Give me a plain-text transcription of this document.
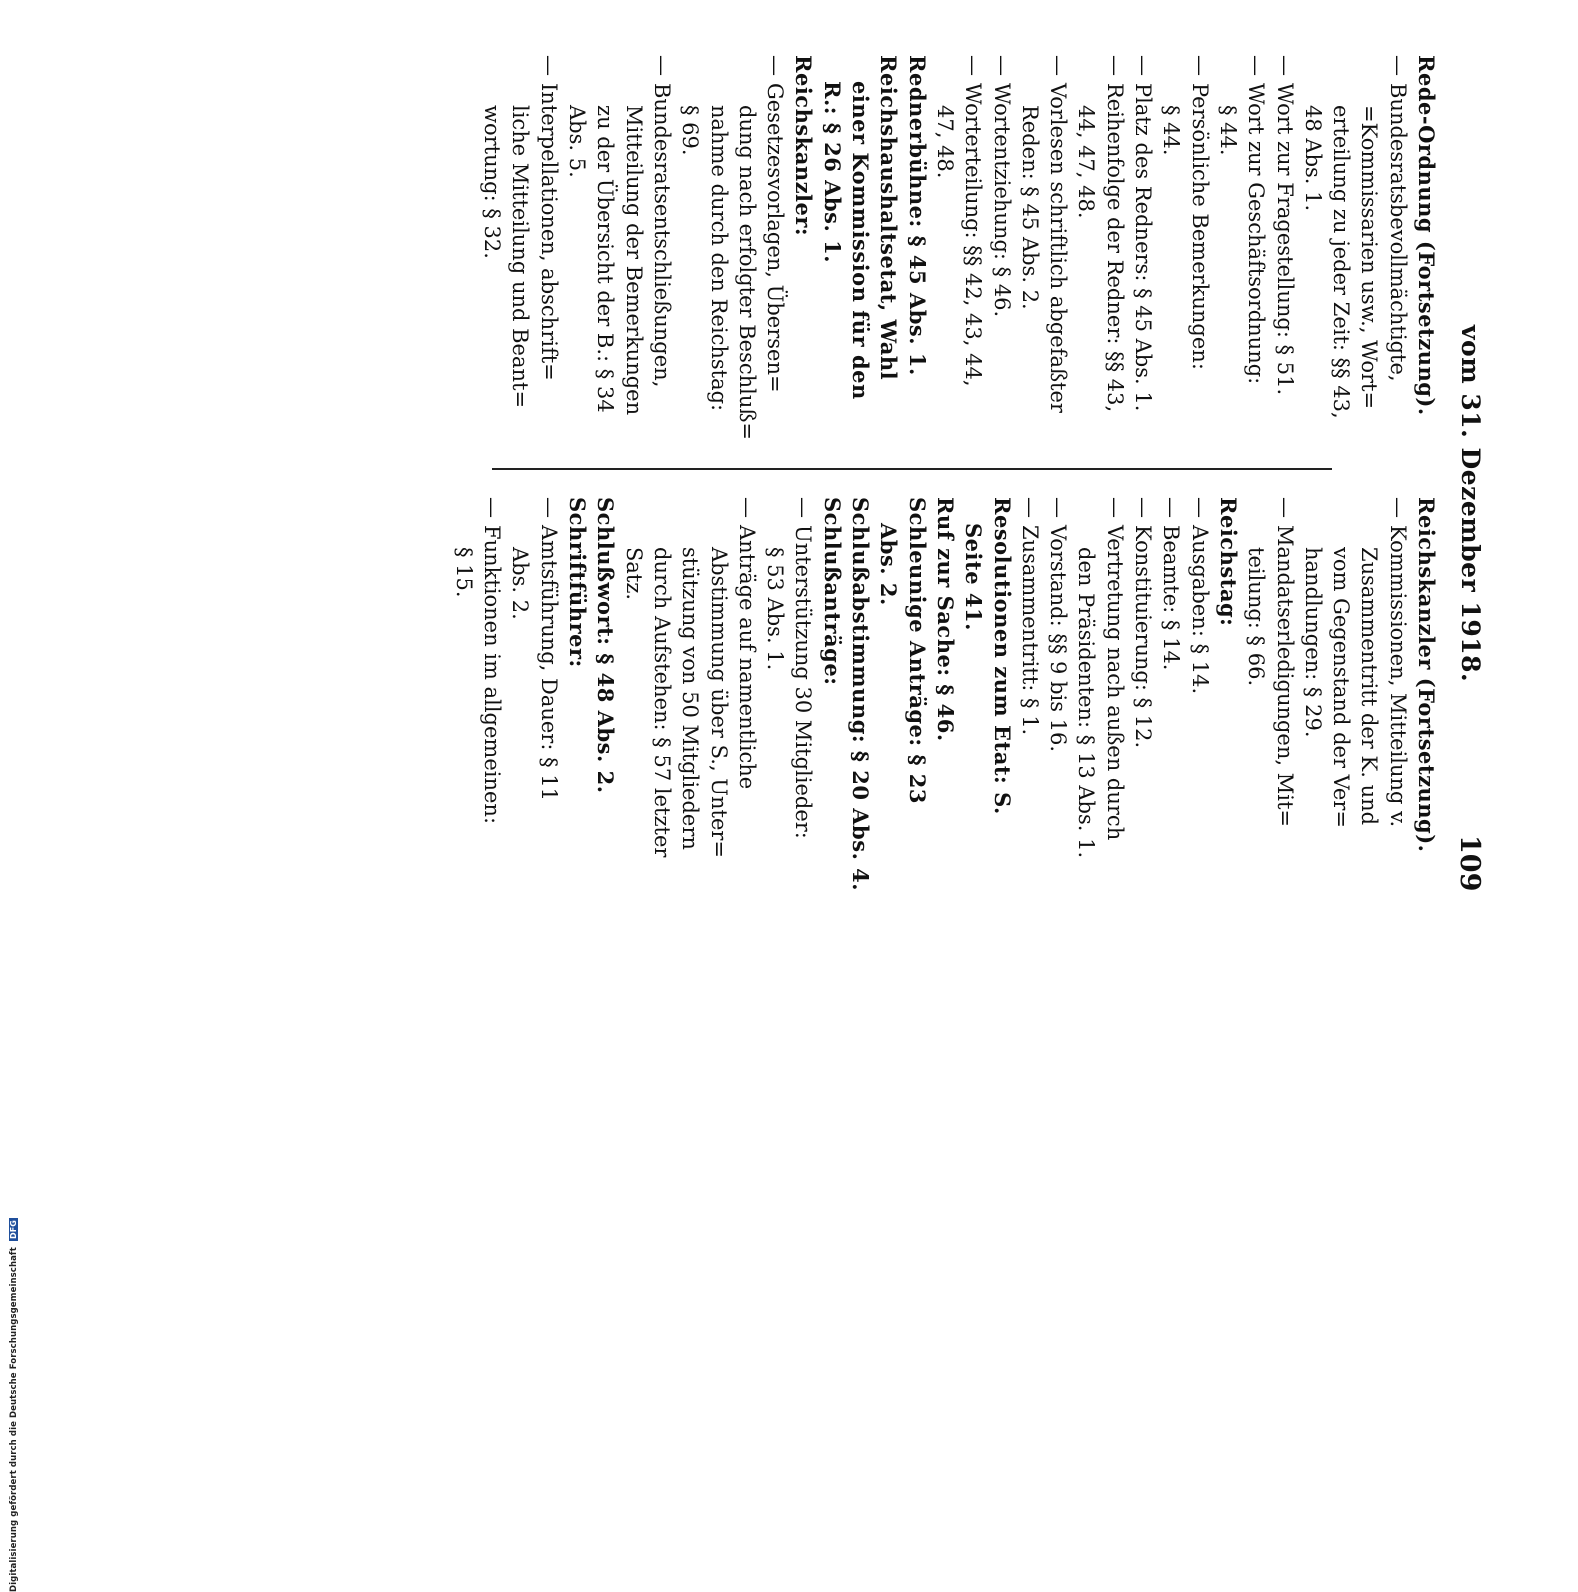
Digitalisierung gefördert durch die Deutsche Forschungsgemeinschaft DFG
vom 31. Dezember 1918.
109
Rede-Ordnung (Fortsetzung).
—
Bundesratsbevollmächtigte,
=Kommissarien usw., Wort=
erteilung zu jeder Zeit: §§ 43,
48 Abs. 1.
—
Wort zur Fragestellung: § 51.
—
Wort zur Geschäftsordnung:
§ 44.
—
Persönliche Bemerkungen:
§ 44.
—
Platz des Redners: § 45 Abs. 1.
—
Reihenfolge der Redner: §§ 43,
44, 47, 48.
—
Vorlesen schriftlich abgefaßter
Reden: § 45 Abs. 2.
—
Wortentziehung: § 46.
—
Worterteilung: §§ 42, 43, 44,
47, 48.
Rednerbühne: § 45 Abs. 1.
Reichshaushaltsetat, Wahl
einer Kommission für den
R.: § 26 Abs. 1.
Reichskanzler:
—
Gesetzesvorlagen, Übersen=
dung nach erfolgter Beschluß=
nahme durch den Reichstag:
§ 69.
—
Bundesratsentschließungen,
Mitteilung der Bemerkungen
zu der Übersicht der B.: § 34
Abs. 5.
—
Interpellationen, abschrift=
liche Mitteilung und Beant=
wortung: § 32.
Reichskanzler (Fortsetzung).
—
Kommissionen, Mitteilung v.
Zusammentritt der K. und
vom Gegenstand der Ver=
handlungen: § 29.
—
Mandatserledigungen, Mit=
teilung: § 66.
Reichstag:
—
Ausgaben: § 14.
—
Beamte: § 14.
—
Konstituierung: § 12.
—
Vertretung nach außen durch
den Präsidenten: § 13 Abs. 1.
—
Vorstand: §§ 9 bis 16.
—
Zusammentritt: § 1.
Resolutionen zum Etat: S.
Seite 41.
Ruf zur Sache: § 46.
Schleunige Anträge: § 23
Abs. 2.
Schlußabstimmung: § 20 Abs. 4.
Schlußanträge:
—
Unterstützung 30 Mitglieder:
§ 53 Abs. 1.
—
Anträge auf namentliche
Abstimmung über S., Unter=
stützung von 50 Mitgliedern
durch Aufstehen: § 57 letzter
Satz.
Schlußwort: § 48 Abs. 2.
Schriftführer:
—
Amtsführung, Dauer: § 11
Abs. 2.
—
Funktionen im allgemeinen:
§ 15.
